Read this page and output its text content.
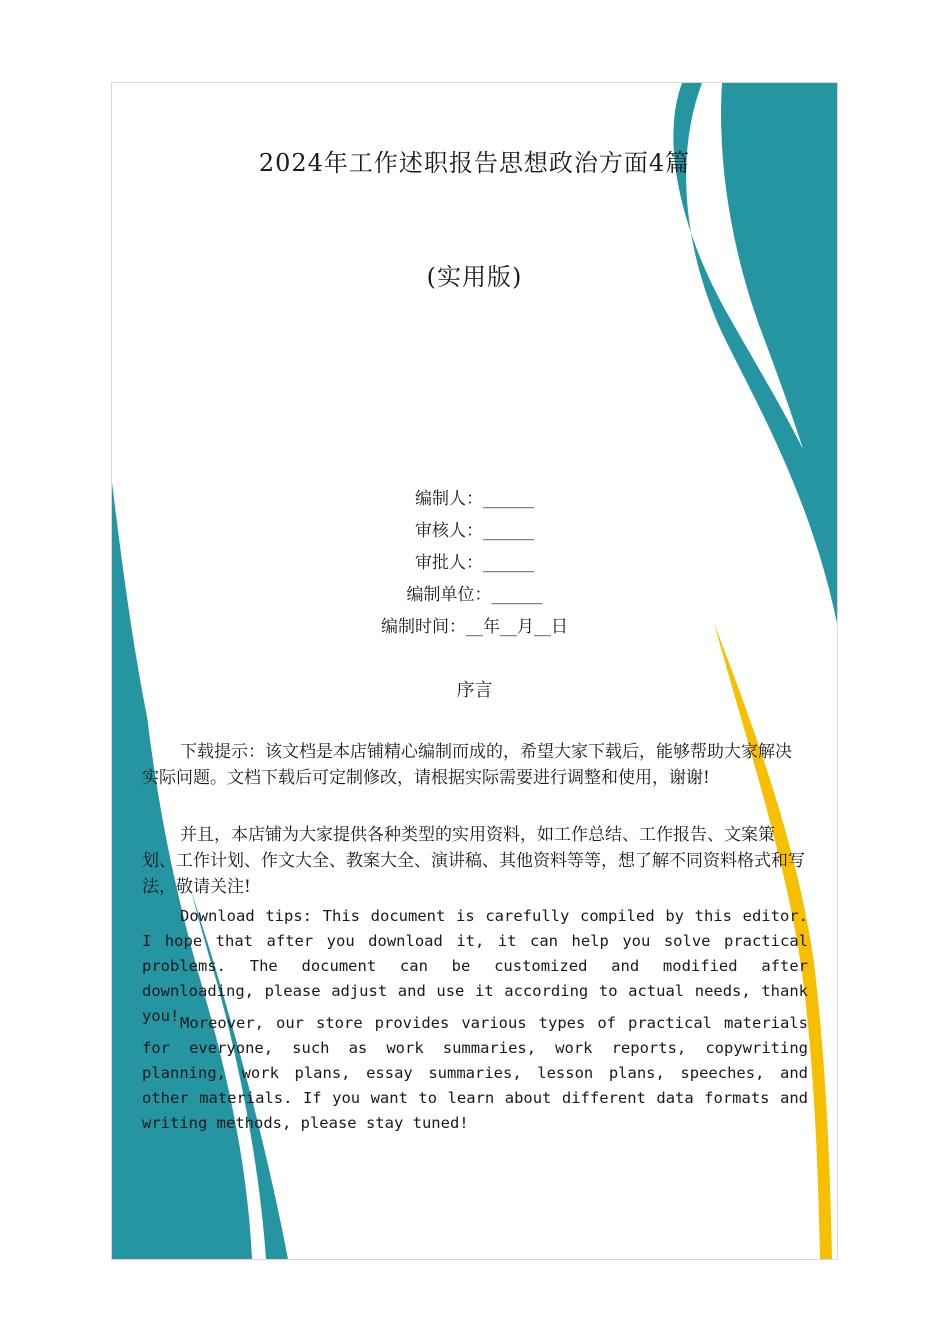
2024年工作述职报告思想政治方面4篇
(实用版)
编制人：______
审核人：______
审批人：______
编制单位：______
编制时间：__年__月__日
序言

下载提示：该文档是本店铺精心编制而成的，希望大家下载后，能够帮助大家解决实际问题。文档下载后可定制修改，请根据实际需要进行调整和使用，谢谢!

并且，本店铺为大家提供各种类型的实用资料，如工作总结、工作报告、文案策划、工作计划、作文大全、教案大全、演讲稿、其他资料等等，想了解不同资料格式和写法，敬请关注!

Download tips: This document is carefully compiled by this editor. I hope that after you download it, it can help you solve practical problems. The document can be customized and modified after downloading, please adjust and use it according to actual needs, thank you! Moreover, our store provides various types of practical materials for everyone, such as work summaries, work reports, copywriting planning, work plans, essay summaries, lesson plans, speeches, and other materials. If you want to learn about different data formats and writing methods, please stay tuned!
